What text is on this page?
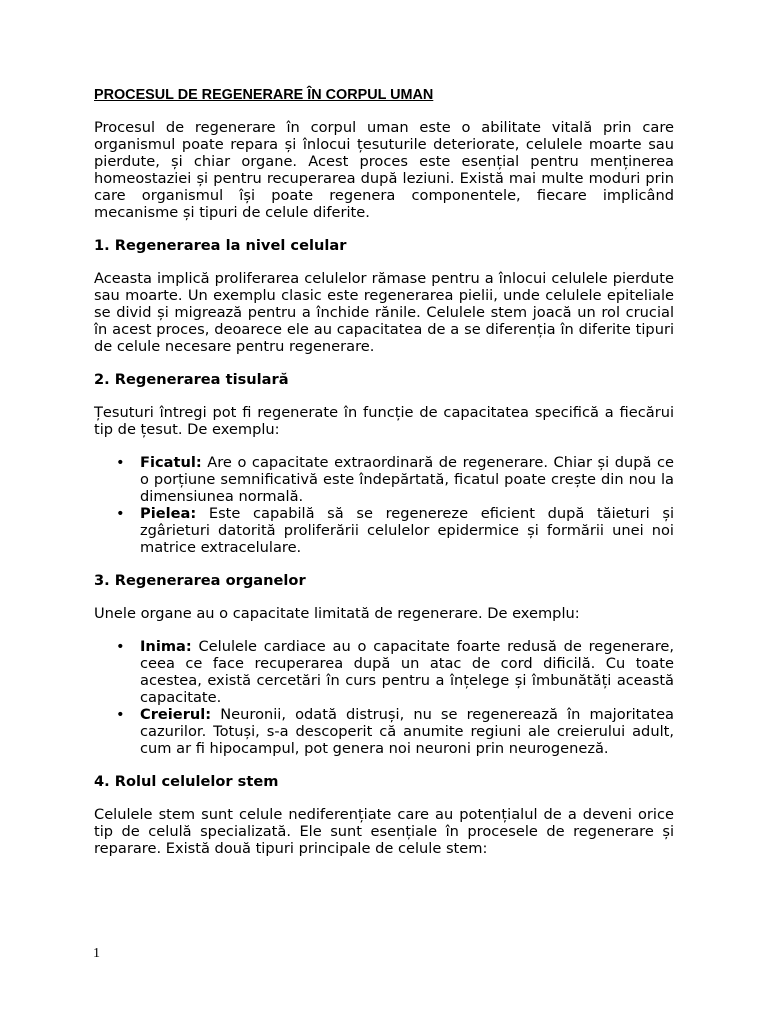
PROCESUL DE REGENERARE ÎN CORPUL UMAN

Procesul de regenerare în corpul uman este o abilitate vitală prin care organismul poate repara și înlocui țesuturile deteriorate, celulele moarte sau pierdute, și chiar organe. Acest proces este esențial pentru menținerea homeostaziei și pentru recuperarea după leziuni. Există mai multe moduri prin care organismul își poate regenera componentele, fiecare implicând mecanisme și tipuri de celule diferite.

1. Regenerarea la nivel celular

Aceasta implică proliferarea celulelor rămase pentru a înlocui celulele pierdute sau moarte. Un exemplu clasic este regenerarea pielii, unde celulele epiteliale se divid și migrează pentru a închide rănile. Celulele stem joacă un rol crucial în acest proces, deoarece ele au capacitatea de a se diferenția în diferite tipuri de celule necesare pentru regenerare.

2. Regenerarea tisulară

Țesuturi întregi pot fi regenerate în funcție de capacitatea specifică a fiecărui tip de țesut. De exemplu:

• Ficatul: Are o capacitate extraordinară de regenerare. Chiar și după ce o porțiune semnificativă este îndepărtată, ficatul poate crește din nou la dimensiunea normală.
• Pielea: Este capabilă să se regenereze eficient după tăieturi și zgârieturi datorită proliferării celulelor epidermice și formării unei noi matrice extracelulare.
3. Regenerarea organelor

Unele organe au o capacitate limitată de regenerare. De exemplu:

• Inima: Celulele cardiace au o capacitate foarte redusă de regenerare, ceea ce face recuperarea după un atac de cord dificilă. Cu toate acestea, există cercetări în curs pentru a înțelege și îmbunătăți această capacitate.
• Creierul: Neuronii, odată distruși, nu se regenerează în majoritatea cazurilor. Totuși, s-a descoperit că anumite regiuni ale creierului adult, cum ar fi hipocampul, pot genera noi neuroni prin neurogeneză.
4. Rolul celulelor stem

Celulele stem sunt celule nediferențiate care au potențialul de a deveni orice tip de celulă specializată. Ele sunt esențiale în procesele de regenerare și reparare. Există două tipuri principale de celule stem:

1
